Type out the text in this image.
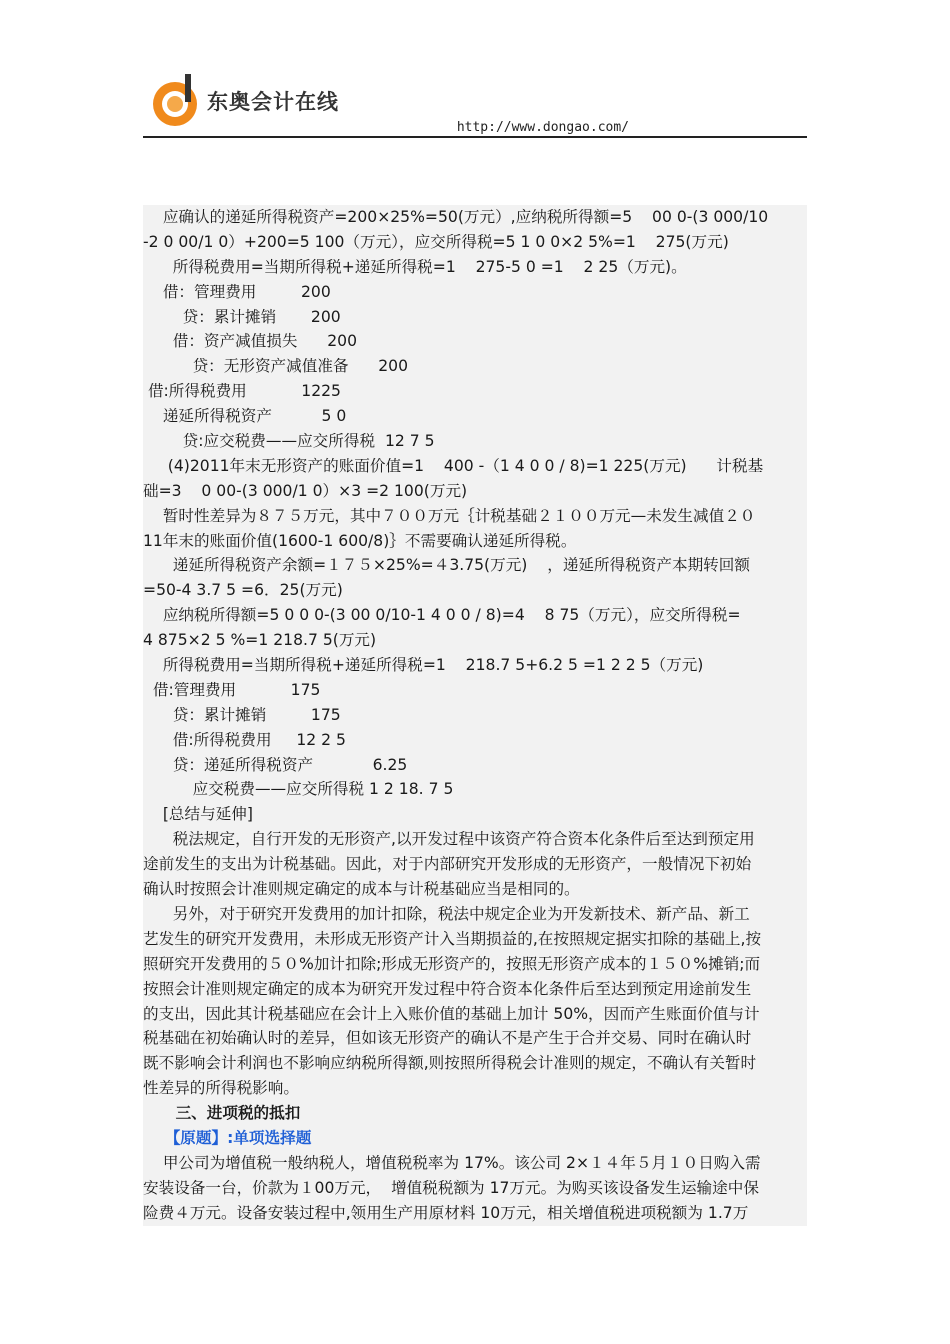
东奥会计在线
http://www.dongao.com/
应确认的递延所得税资产=200×25%=50(万元）,应纳税所得额=5    00 0-(3 000/10
-2 0 00/1 0）+200=5 100（万元），应交所得税=5 1 0 0×2 5%=1    275(万元)
所得税费用=当期所得税+递延所得税=1    275-5 0 =1    2 25（万元)。
借：管理费用         200
贷：累计摊销       200
借：资产减值损失      200
贷：无形资产减值准备      200
借:所得税费用           1225
递延所得税资产          5 0
贷:应交税费——应交所得税  12 7 5
(4)2011年末无形资产的账面价值=1    400 -（1 4 0 0 / 8)=1 225(万元)      计税基
础=3    0 00-(3 000/1 0）×3 =2 100(万元)
暂时性差异为８７５万元，其中７００万元｛计税基础２１００万元—未发生减值２０
11年末的账面价值(1600-1 600/8)｝不需要确认递延所得税。
递延所得税资产余额=１７５×25%=４3.75(万元)    ，递延所得税资产本期转回额
=50-4 3.7 5 =6．25(万元)
应纳税所得额=5 0 0 0-(3 00 0/10-1 4 0 0 / 8)=4    8 75（万元），应交所得税=
4 875×2 5 %=1 218.7 5(万元)
所得税费用=当期所得税+递延所得税=1    218.7 5+6.2 5 =1 2 2 5（万元)
借:管理费用           175
贷：累计摊销         175
借:所得税费用     12 2 5
贷：递延所得税资产            6.25
应交税费——应交所得税 1 2 18. 7 5
[总结与延伸]
税法规定，自行开发的无形资产,以开发过程中该资产符合资本化条件后至达到预定用
途前发生的支出为计税基础。因此，对于内部研究开发形成的无形资产，一般情况下初始
确认时按照会计准则规定确定的成本与计税基础应当是相同的。
另外，对于研究开发费用的加计扣除，税法中规定企业为开发新技术、新产品、新工
艺发生的研究开发费用，未形成无形资产计入当期损益的,在按照规定据实扣除的基础上,按
照研究开发费用的５０%加计扣除;形成无形资产的，按照无形资产成本的１５０%摊销;而
按照会计准则规定确定的成本为研究开发过程中符合资本化条件后至达到预定用途前发生
的支出，因此其计税基础应在会计上入账价值的基础上加计 50%，因而产生账面价值与计
税基础在初始确认时的差异，但如该无形资产的确认不是产生于合并交易、同时在确认时
既不影响会计利润也不影响应纳税所得额,则按照所得税会计准则的规定，不确认有关暂时
性差异的所得税影响。
三、进项税的抵扣
【原题】:单项选择题
甲公司为增值税一般纳税人，增值税税率为 17%。该公司 2×１４年５月１０日购入需
安装设备一台，价款为１00万元，  增值税税额为 17万元。为购买该设备发生运输途中保
险费４万元。设备安装过程中,领用生产用原材料 10万元，相关增值税进项税额为 1.7万
